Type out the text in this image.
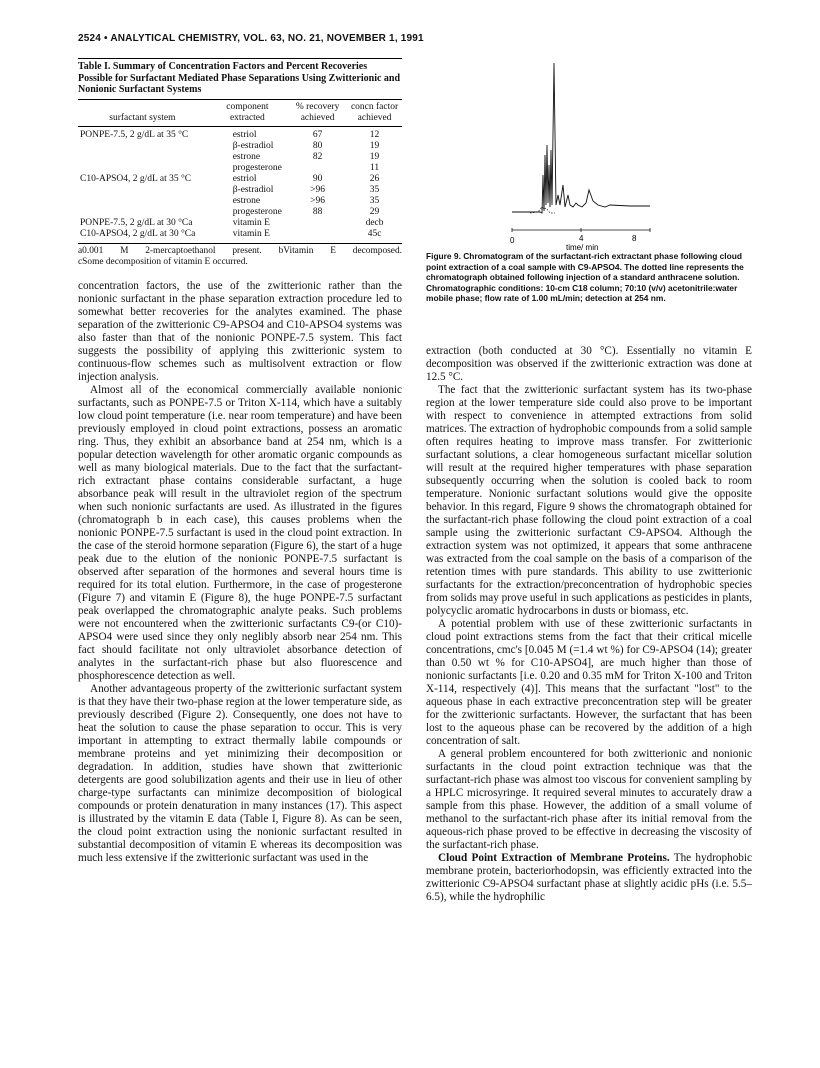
2524 • ANALYTICAL CHEMISTRY, VOL. 63, NO. 21, NOVEMBER 1, 1991
Table I. Summary of Concentration Factors and Percent Recoveries Possible for Surfactant Mediated Phase Separations Using Zwitterionic and Nonionic Surfactant Systems
surfactant system	component extracted	% recovery achieved	concn factor achieved
PONPE-7.5, 2 g/dL at 35 °C	estriol	67	12
	β-estradiol	80	19
	estrone	82	19
	progesterone		11
C10-APSO4, 2 g/dL at 35 °C	estriol	90	26
	β-estradiol	>96	35
	estrone	>96	35
	progesterone	88	29
PONPE-7.5, 2 g/dL at 30 °Ca	vitamin E		decb
C10-APSO4, 2 g/dL at 30 °Ca	vitamin E		45c
a0.001 M 2-mercaptoethanol present. bVitamin E decomposed.
cSome decomposition of vitamin E occurred.
0	4	8
time/ min
Figure 9. Chromatogram of the surfactant-rich extractant phase following cloud point extraction of a coal sample with C9-APSO4. The dotted line represents the chromatograph obtained following injection of a standard anthracene solution. Chromatographic conditions: 10-cm C18 column; 70:10 (v/v) acetonitrile:water mobile phase; flow rate of 1.00 mL/min; detection at 254 nm.

concentration factors, the use of the zwitterionic rather than the nonionic surfactant in the phase separation extraction procedure led to somewhat better recoveries for the analytes examined. The phase separation of the zwitterionic C9-APSO4 and C10-APSO4 systems was also faster than that of the nonionic PONPE-7.5 system. This fact suggests the possibility of applying this zwitterionic system to continuous-flow schemes such as multisolvent extraction or flow injection analysis.

Almost all of the economical commercially available nonionic surfactants, such as PONPE-7.5 or Triton X-114, which have a suitably low cloud point temperature (i.e. near room temperature) and have been previously employed in cloud point extractions, possess an aromatic ring. Thus, they exhibit an absorbance band at 254 nm, which is a popular detection wavelength for other aromatic organic compounds as well as many biological materials. Due to the fact that the surfactant-rich extractant phase contains considerable surfactant, a huge absorbance peak will result in the ultraviolet region of the spectrum when such nonionic surfactants are used. As illustrated in the figures (chromatograph b in each case), this causes problems when the nonionic PONPE-7.5 surfactant is used in the cloud point extraction. In the case of the steroid hormone separation (Figure 6), the start of a huge peak due to the elution of the nonionic PONPE-7.5 surfactant is observed after separation of the hormones and several hours time is required for its total elution. Furthermore, in the case of progesterone (Figure 7) and vitamin E (Figure 8), the huge PONPE-7.5 surfactant peak overlapped the chromatographic analyte peaks. Such problems were not encountered when the zwitterionic surfactants C9-(or C10)-APSO4 were used since they only neglibly absorb near 254 nm. This fact should facilitate not only ultraviolet absorbance detection of analytes in the surfactant-rich phase but also fluorescence and phosphorescence detection as well.

Another advantageous property of the zwitterionic surfactant system is that they have their two-phase region at the lower temperature side, as previously described (Figure 2). Consequently, one does not have to heat the solution to cause the phase separation to occur. This is very important in attempting to extract thermally labile compounds or membrane proteins and yet minimizing their decomposition or degradation. In addition, studies have shown that zwitterionic detergents are good solubilization agents and their use in lieu of other charge-type surfactants can minimize decomposition of biological compounds or protein denaturation in many instances (17). This aspect is illustrated by the vitamin E data (Table I, Figure 8). As can be seen, the cloud point extraction using the nonionic surfactant resulted in substantial decomposition of vitamin E whereas its decomposition was much less extensive if the zwitterionic surfactant was used in the

extraction (both conducted at 30 °C). Essentially no vitamin E decomposition was observed if the zwitterionic extraction was done at 12.5 °C.

The fact that the zwitterionic surfactant system has its two-phase region at the lower temperature side could also prove to be important with respect to convenience in attempted extractions from solid matrices. The extraction of hydrophobic compounds from a solid sample often requires heating to improve mass transfer. For zwitterionic surfactant solutions, a clear homogeneous surfactant micellar solution will result at the required higher temperatures with phase separation subsequently occurring when the solution is cooled back to room temperature. Nonionic surfactant solutions would give the opposite behavior. In this regard, Figure 9 shows the chromatograph obtained for the surfactant-rich phase following the cloud point extraction of a coal sample using the zwitterionic surfactant C9-APSO4. Although the extraction system was not optimized, it appears that some anthracene was extracted from the coal sample on the basis of a comparison of the retention times with pure standards. This ability to use zwitterionic surfactants for the extraction/preconcentration of hydrophobic species from solids may prove useful in such applications as pesticides in plants, polycyclic aromatic hydrocarbons in dusts or biomass, etc.

A potential problem with use of these zwitterionic surfactants in cloud point extractions stems from the fact that their critical micelle concentrations, cmc's [0.045 M (=1.4 wt %) for C9-APSO4 (14); greater than 0.50 wt % for C10-APSO4], are much higher than those of nonionic surfactants [i.e. 0.20 and 0.35 mM for Triton X-100 and Triton X-114, respectively (4)]. This means that the surfactant "lost" to the aqueous phase in each extractive preconcentration step will be greater for the zwitterionic surfactants. However, the surfactant that has been lost to the aqueous phase can be recovered by the addition of a high concentration of salt.

A general problem encountered for both zwitterionic and nonionic surfactants in the cloud point extraction technique was that the surfactant-rich phase was almost too viscous for convenient sampling by a HPLC microsyringe. It required several minutes to accurately draw a sample from this phase. However, the addition of a small volume of methanol to the surfactant-rich phase after its initial removal from the aqueous-rich phase proved to be effective in decreasing the viscosity of the surfactant-rich phase.

Cloud Point Extraction of Membrane Proteins. The hydrophobic membrane protein, bacteriorhodopsin, was efficiently extracted into the zwitterionic C9-APSO4 surfactant phase at slightly acidic pHs (i.e. 5.5–6.5), while the hydrophilic
